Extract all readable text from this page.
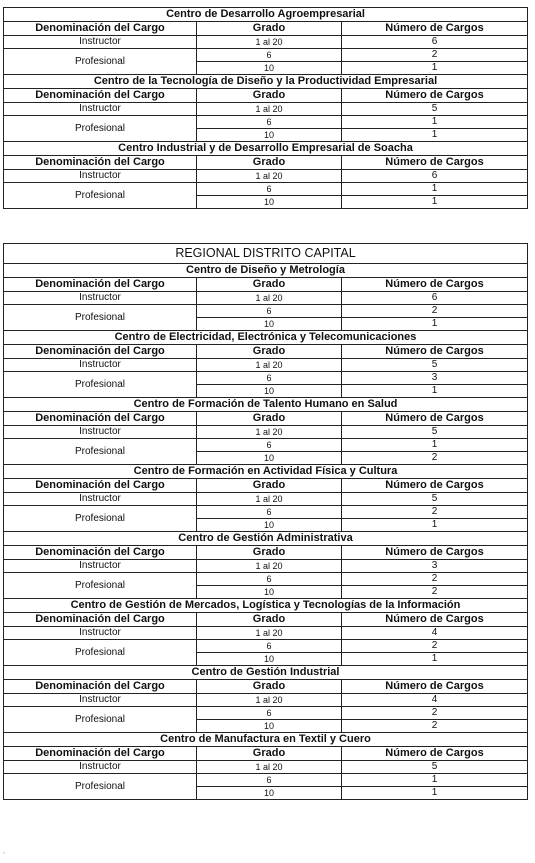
Centro de Desarrollo Agroempresarial		
Denominación del Cargo	Grado	Número de Cargos
Instructor	1 al 20	6
Profesional	6	2
	10	1
Centro de la Tecnología de Diseño y la Productividad Empresarial		
Denominación del Cargo	Grado	Número de Cargos
Instructor	1 al 20	5
Profesional	6	1
	10	1
Centro Industrial y de Desarrollo Empresarial de Soacha		
Denominación del Cargo	Grado	Número de Cargos
Instructor	1 al 20	6
Profesional	6	1
	10	1
REGIONAL DISTRITO CAPITAL		
Centro de Diseño y Metrología		
Denominación del Cargo	Grado	Número de Cargos
Instructor	1 al 20	6
Profesional	6	2
	10	1
Centro de Electricidad, Electrónica y Telecomunicaciones		
Denominación del Cargo	Grado	Número de Cargos
Instructor	1 al 20	5
Profesional	6	3
	10	1
Centro de Formación de Talento Humano en Salud		
Denominación del Cargo	Grado	Número de Cargos
Instructor	1 al 20	5
Profesional	6	1
	10	2
Centro de Formación en Actividad Física y Cultura		
Denominación del Cargo	Grado	Número de Cargos
Instructor	1 al 20	5
Profesional	6	2
	10	1
Centro de Gestión Administrativa		
Denominación del Cargo	Grado	Número de Cargos
Instructor	1 al 20	3
Profesional	6	2
	10	2
Centro de Gestión de Mercados, Logística y Tecnologías de la Información		
Denominación del Cargo	Grado	Número de Cargos
Instructor	1 al 20	4
Profesional	6	2
	10	1
Centro de Gestión Industrial		
Denominación del Cargo	Grado	Número de Cargos
Instructor	1 al 20	4
Profesional	6	2
	10	2
Centro de Manufactura en Textil y Cuero		
Denominación del Cargo	Grado	Número de Cargos
Instructor	1 al 20	5
Profesional	6	1
	10	1
´
